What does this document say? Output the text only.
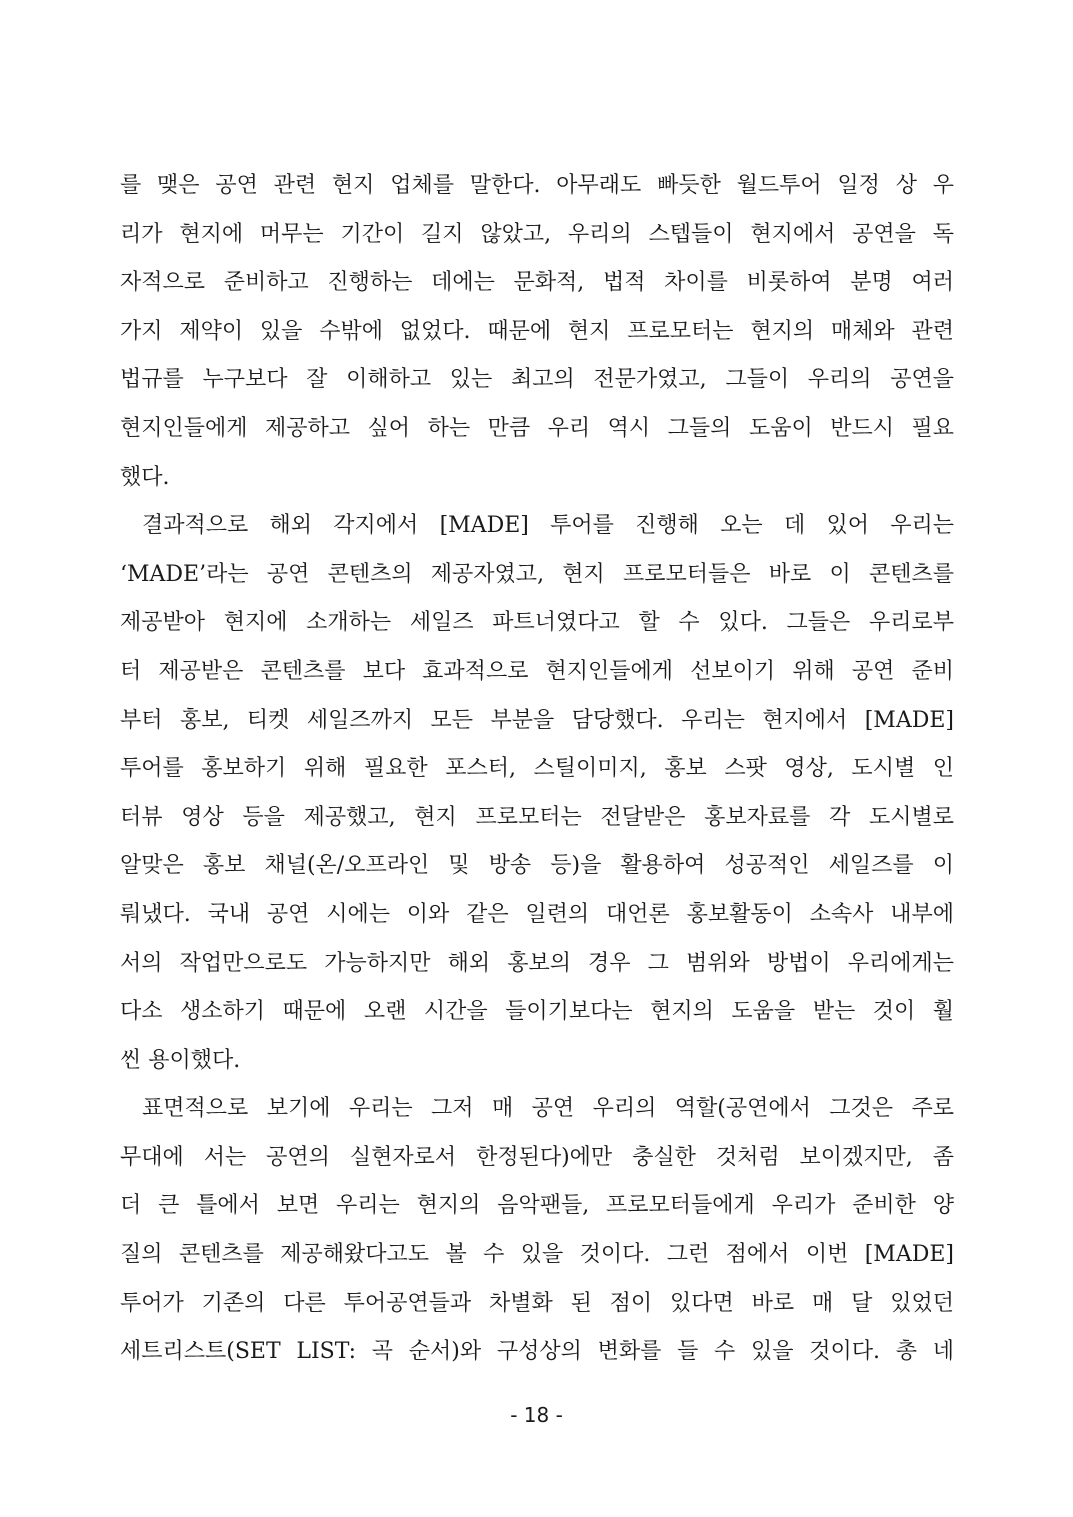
를 맺은 공연 관련 현지 업체를 말한다. 아무래도 빠듯한 월드투어 일정 상 우
리가 현지에 머무는 기간이 길지 않았고, 우리의 스텝들이 현지에서 공연을 독
자적으로 준비하고 진행하는 데에는 문화적, 법적 차이를 비롯하여 분명 여러
가지 제약이 있을 수밖에 없었다. 때문에 현지 프로모터는 현지의 매체와 관련
법규를 누구보다 잘 이해하고 있는 최고의 전문가였고, 그들이 우리의 공연을
현지인들에게 제공하고 싶어 하는 만큼 우리 역시 그들의 도움이 반드시 필요
했다.
결과적으로 해외 각지에서 [MADE] 투어를 진행해 오는 데 있어 우리는
‘MADE’라는 공연 콘텐츠의 제공자였고, 현지 프로모터들은 바로 이 콘텐츠를
제공받아 현지에 소개하는 세일즈 파트너였다고 할 수 있다. 그들은 우리로부
터 제공받은 콘텐츠를 보다 효과적으로 현지인들에게 선보이기 위해 공연 준비
부터 홍보, 티켓 세일즈까지 모든 부분을 담당했다. 우리는 현지에서 [MADE]
투어를 홍보하기 위해 필요한 포스터, 스틸이미지, 홍보 스팟 영상, 도시별 인
터뷰 영상 등을 제공했고, 현지 프로모터는 전달받은 홍보자료를 각 도시별로
알맞은 홍보 채널(온/오프라인 및 방송 등)을 활용하여 성공적인 세일즈를 이
뤄냈다. 국내 공연 시에는 이와 같은 일련의 대언론 홍보활동이 소속사 내부에
서의 작업만으로도 가능하지만 해외 홍보의 경우 그 범위와 방법이 우리에게는
다소 생소하기 때문에 오랜 시간을 들이기보다는 현지의 도움을 받는 것이 훨
씬 용이했다.
표면적으로 보기에 우리는 그저 매 공연 우리의 역할(공연에서 그것은 주로
무대에 서는 공연의 실현자로서 한정된다)에만 충실한 것처럼 보이겠지만, 좀
더 큰 틀에서 보면 우리는 현지의 음악팬들, 프로모터들에게 우리가 준비한 양
질의 콘텐츠를 제공해왔다고도 볼 수 있을 것이다. 그런 점에서 이번 [MADE]
투어가 기존의 다른 투어공연들과 차별화 된 점이 있다면 바로 매 달 있었던
세트리스트(SET LIST: 곡 순서)와 구성상의 변화를 들 수 있을 것이다. 총 네
- 18 -
